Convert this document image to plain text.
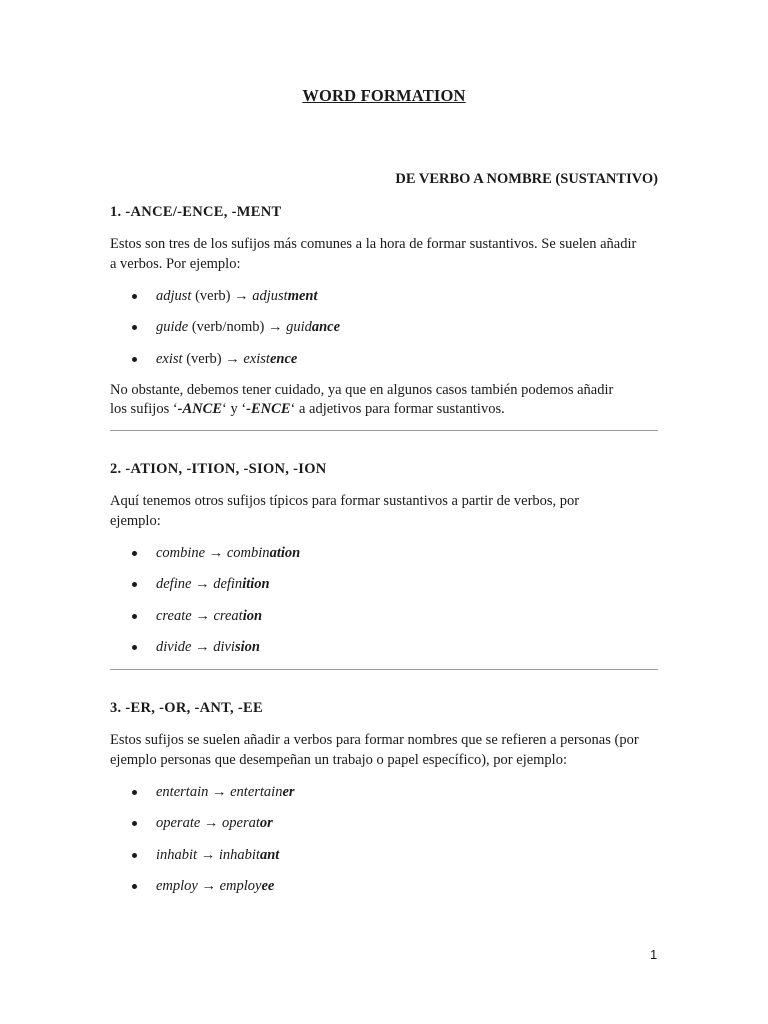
WORD FORMATION
DE VERBO A NOMBRE (SUSTANTIVO)

1. -ANCE/-ENCE, -MENT

Estos son tres de los sufijos más comunes a la hora de formar sustantivos. Se suelen añadir a verbos. Por ejemplo:

adjust (verb) → adjustment
guide (verb/nomb) → guidance
exist (verb) → existence

No obstante, debemos tener cuidado, ya que en algunos casos también podemos añadir
los sufijos ‘-ANCE‘ y ‘-ENCE‘ a adjetivos para formar sustantivos.

2. -ATION, -ITION, -SION, -ION

Aquí tenemos otros sufijos típicos para formar sustantivos a partir de verbos, por ejemplo:

combine → combination
define → definition
create → creation
divide → division

3. -ER, -OR, -ANT, -EE

Estos sufijos se suelen añadir a verbos para formar nombres que se refieren a personas (por ejemplo personas que desempeñan un trabajo o papel específico), por ejemplo:

entertain → entertainer
operate → operator
inhabit → inhabitant
employ → employee
1
